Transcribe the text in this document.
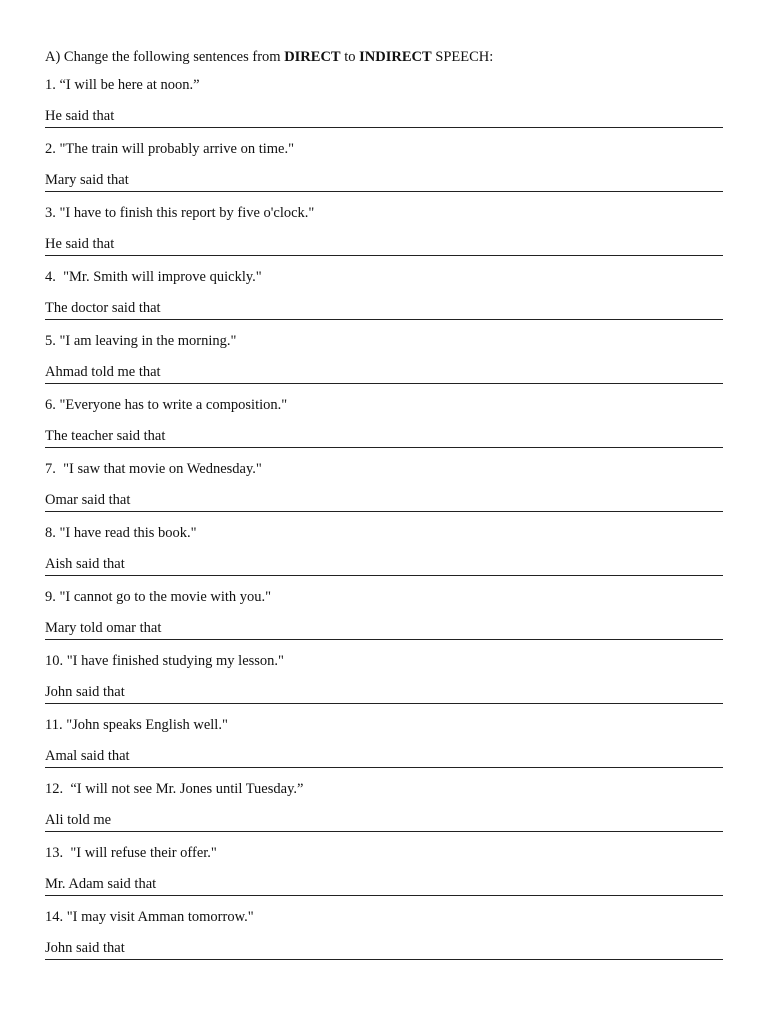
A) Change the following sentences from DIRECT to INDIRECT SPEECH:
1. “I will be here at noon.”
He said that
2. "The train will probably arrive on time."
Mary said that
3. "I have to finish this report by five o'clock."
He said that
4.  "Mr. Smith will improve quickly."
The doctor said that
5. "I am leaving in the morning."
Ahmad told me that
6. "Everyone has to write a composition."
The teacher said that
7.  "I saw that movie on Wednesday."
Omar said that
8. "I have read this book."
Aish said that
9. "I cannot go to the movie with you."
Mary told omar that
10. "I have finished studying my lesson."
John said that
11. "John speaks English well."
Amal said that
12.  “I will not see Mr. Jones until Tuesday.”
Ali told me
13.  "I will refuse their offer."
Mr. Adam said that
14. "I may visit Amman tomorrow."
John said that
